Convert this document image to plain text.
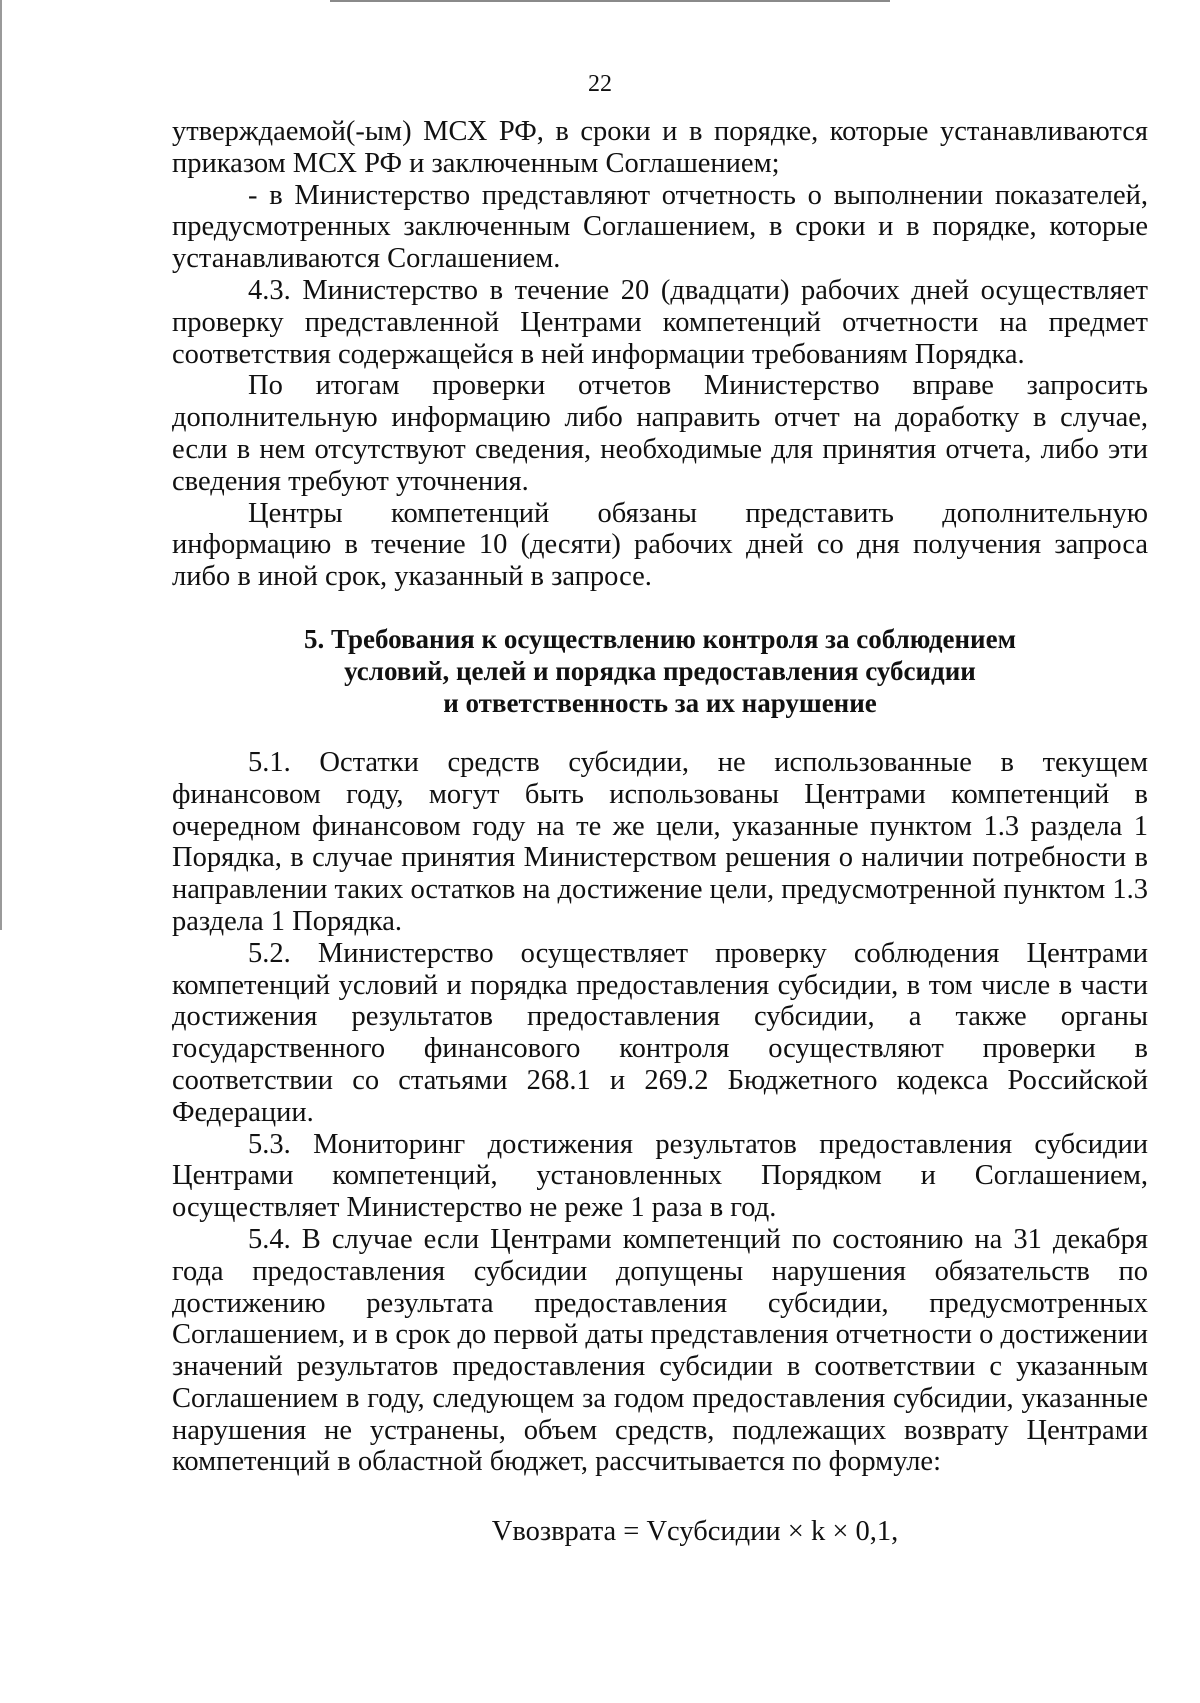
22

утверждаемой(-ым) МСХ РФ, в сроки и в порядке, которые устанавливаются приказом МСХ РФ и заключенным Соглашением;

- в Министерство представляют отчетность о выполнении показателей, предусмотренных заключенным Соглашением, в сроки и в порядке, которые устанавливаются Соглашением.

4.3. Министерство в течение 20 (двадцати) рабочих дней осуществляет проверку представленной Центрами компетенций отчетности на предмет соответствия содержащейся в ней информации требованиям Порядка.

По итогам проверки отчетов Министерство вправе запросить дополнительную информацию либо направить отчет на доработку в случае, если в нем отсутствуют сведения, необходимые для принятия отчета, либо эти сведения требуют уточнения.

Центры компетенций обязаны представить дополнительную информацию в течение 10 (десяти) рабочих дней со дня получения запроса либо в иной срок, указанный в запросе.

5. Требования к осуществлению контроля за соблюдением
условий, целей и порядка предоставления субсидии
и ответственность за их нарушение

5.1. Остатки средств субсидии, не использованные в текущем финансовом году, могут быть использованы Центрами компетенций в очередном финансовом году на те же цели, указанные пунктом 1.3 раздела 1 Порядка, в случае принятия Министерством решения о наличии потребности в направлении таких остатков на достижение цели, предусмотренной пунктом 1.3 раздела 1 Порядка.

5.2. Министерство осуществляет проверку соблюдения Центрами компетенций условий и порядка предоставления субсидии, в том числе в части достижения результатов предоставления субсидии, а также органы государственного финансового контроля осуществляют проверки в соответствии со статьями 268.1 и 269.2 Бюджетного кодекса Российской Федерации.

5.3. Мониторинг достижения результатов предоставления субсидии Центрами компетенций, установленных Порядком и Соглашением, осуществляет Министерство не реже 1 раза в год.

5.4. В случае если Центрами компетенций по состоянию на 31 декабря года предоставления субсидии допущены нарушения обязательств по достижению результата предоставления субсидии, предусмотренных Соглашением, и в срок до первой даты представления отчетности о достижении значений результатов предоставления субсидии в соответствии с указанным Соглашением в году, следующем за годом предоставления субсидии, указанные нарушения не устранены, объем средств, подлежащих возврату Центрами компетенций в областной бюджет, рассчитывается по формуле:

Vвозврата = Vсубсидии × k × 0,1,
